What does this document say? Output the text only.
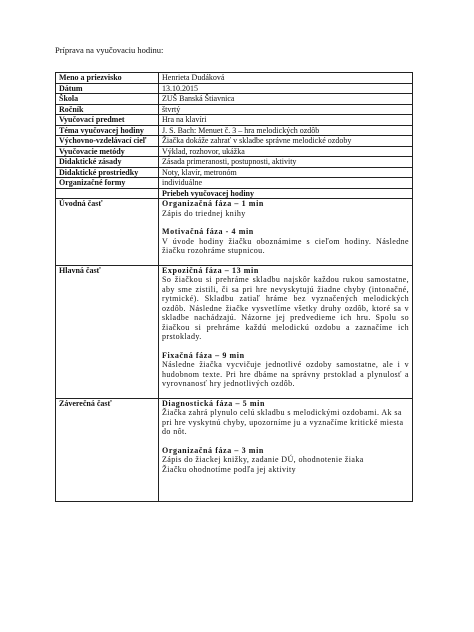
Príprava na vyučovaciu hodinu:
Meno a priezvisko	Henrieta Dudáková
Dátum	13.10.2015
Škola	ZUŠ Banská Štiavnica
Ročník	štvrtý
Vyučovací predmet	Hra na klavíri
Téma vyučovacej hodiny	J. S. Bach: Menuet č. 3 – hra melodických ozdôb
Výchovno-vzdelávací cieľ	Žiačka dokáže zahrať v skladbe správne melodické ozdoby
Vyučovacie metódy	Výklad, rozhovor, ukážka
Didaktické zásady	Zásada primeranosti, postupnosti, aktivity
Didaktické prostriedky	Noty, klavír, metronóm
Organizačné formy	individuálne
	Priebeh vyučovacej hodiny
Úvodná časť	Organizačná fáza – 1 min
Zápis do triednej knihy
Motivačná fáza - 4 min
V úvode hodiny žiačku oboznámime s cieľom hodiny. Následne žiačku rozohráme stupnicou.

Hlavná časť	Expozičná fáza – 13 min
So žiačkou si prehráme skladbu najskôr každou rukou samostatne, aby sme zistili, či sa pri hre nevyskytujú žiadne chyby (intonačné, rytmické). Skladbu zatiaľ hráme bez vyznačených melodických ozdôb. Následne žiačke vysvetlíme všetky druhy ozdôb, ktoré sa v skladbe nachádzajú. Názorne jej predvedieme ich hru. Spolu so žiačkou si prehráme každú melodickú ozdobu a zaznačíme ich prstoklady.
Fixačná fáza – 9 min
Následne žiačka vycvičuje jednotlivé ozdoby samostatne, ale i v hudobnom texte. Pri hre dbáme na správny prstoklad a plynulosť a vyrovnanosť hry jednotlivých ozdôb.

Záverečná časť	Diagnostická fáza – 5 min
Žiačka zahrá plynulo celú skladbu s melodickými ozdobami. Ak sa pri hre vyskytnú chyby, upozorníme ju a vyznačíme kritické miesta do nôt.
Organizačná fáza – 3 min
Zápis do žiackej knižky, zadanie DÚ, ohodnotenie žiaka
Žiačku ohodnotíme podľa jej aktivity
